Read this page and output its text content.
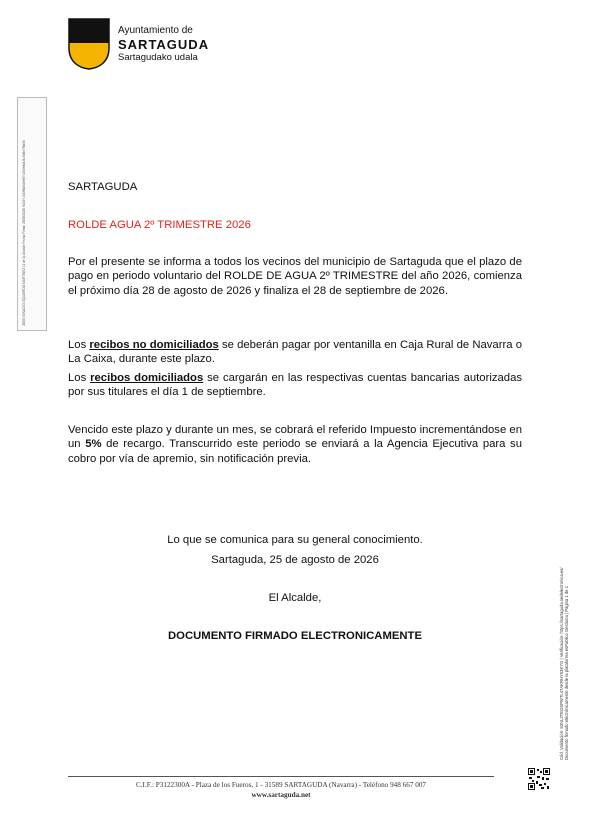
Ayuntamiento de
SARTAGUDA
Sartagudako udala
JOSE IGNACIO IZQUIERDO MARTINEZ (1 de 1) Alcalde Fecha Firma: 25/08/2026 HASH: 0d3f6d5d9e6f7c2b9e8a1f4c5d6e7f8a9b	SARTAGUDA

ROLDE AGUA 2º TRIMESTRE 2026

Por el presente se informa a todos los vecinos del municipio de Sartaguda que el plazo de pago en periodo voluntario del ROLDE DE AGUA 2º TRIMESTRE del año 2026, comienza el próximo día 28 de agosto de 2026 y finaliza el 28 de septiembre de 2026.

Los recibos no domiciliados se deberán pagar por ventanilla en Caja Rural de Navarra o La Caixa, durante este plazo.

Los recibos domiciliados se cargarán en las respectivas cuentas bancarias autorizadas por sus titulares el día 1 de septiembre.

Vencido este plazo y durante un mes, se cobrará el referido Impuesto incrementándose en un 5% de recargo. Transcurrido este periodo se enviará a la Agencia Ejecutiva para su cobro por vía de apremio, sin notificación previa.

Lo que se comunica para su general conocimiento.

Sartaguda, 25 de agosto de 2026

El Alcalde,

DOCUMENTO FIRMADO ELECTRONICAMENTE	Cód. Validación: 53NL2TEGSPWTL47AKRHY53KYG | Verificación: https://sartaguda.sedelectronica.es/ Documento firmado electrónicamente desde la plataforma esPublico Gestiona | Página 1 de 1
C.I.F.: P3122300A - Plaza de los Fueros, 1 - 31589 SARTAGUDA (Navarra) - Teléfono 948 667 007
www.sartaguda.net
